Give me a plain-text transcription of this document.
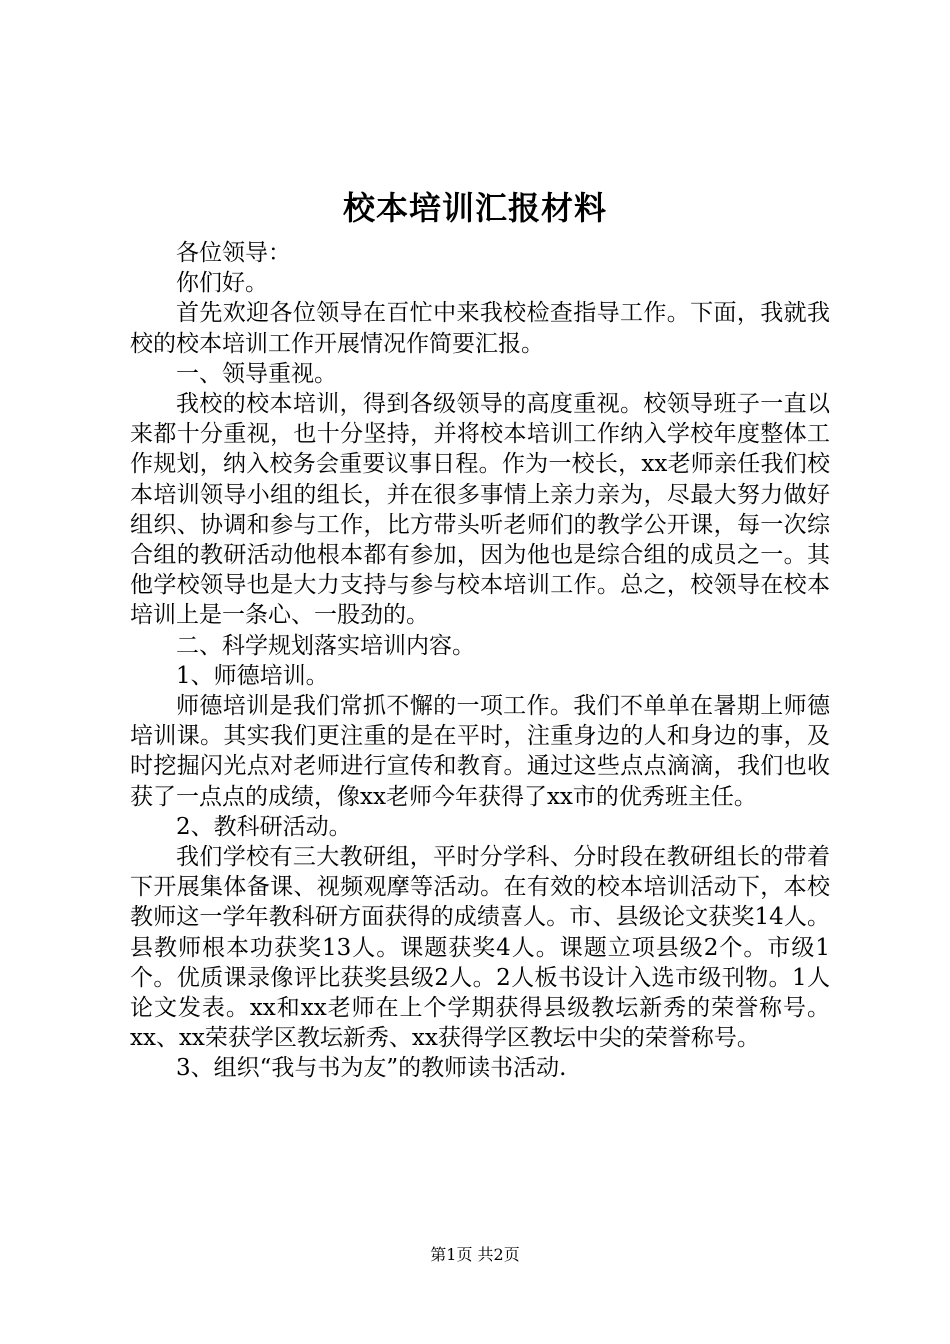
校本培训汇报材料

各位领导：

你们好。

首先欢迎各位领导在百忙中来我校检查指导工作。下面，我就我校的校本培训工作开展情况作简要汇报。

一、领导重视。

我校的校本培训，得到各级领导的高度重视。校领导班子一直以来都十分重视，也十分坚持，并将校本培训工作纳入学校年度整体工作规划，纳入校务会重要议事日程。作为一校长，xx老师亲任我们校本培训领导小组的组长，并在很多事情上亲力亲为，尽最大努力做好组织、协调和参与工作，比方带头听老师们的教学公开课，每一次综合组的教研活动他根本都有参加，因为他也是综合组的成员之一。其他学校领导也是大力支持与参与校本培训工作。总之，校领导在校本培训上是一条心、一股劲的。

二、科学规划落实培训内容。

1、师德培训。

师德培训是我们常抓不懈的一项工作。我们不单单在暑期上师德培训课。其实我们更注重的是在平时，注重身边的人和身边的事，及时挖掘闪光点对老师进行宣传和教育。通过这些点点滴滴，我们也收获了一点点的成绩，像xx老师今年获得了xx市的优秀班主任。

2、教科研活动。

我们学校有三大教研组，平时分学科、分时段在教研组长的带着下开展集体备课、视频观摩等活动。在有效的校本培训活动下，本校教师这一学年教科研方面获得的成绩喜人。市、县级论文获奖14人。县教师根本功获奖13人。课题获奖4人。课题立项县级2个。市级1个。优质课录像评比获奖县级2人。2人板书设计入选市级刊物。1人论文发表。xx和xx老师在上个学期获得县级教坛新秀的荣誉称号。xx、xx荣获学区教坛新秀、xx获得学区教坛中尖的荣誉称号。

3、组织“我与书为友”的教师读书活动.

第1页 共2页
